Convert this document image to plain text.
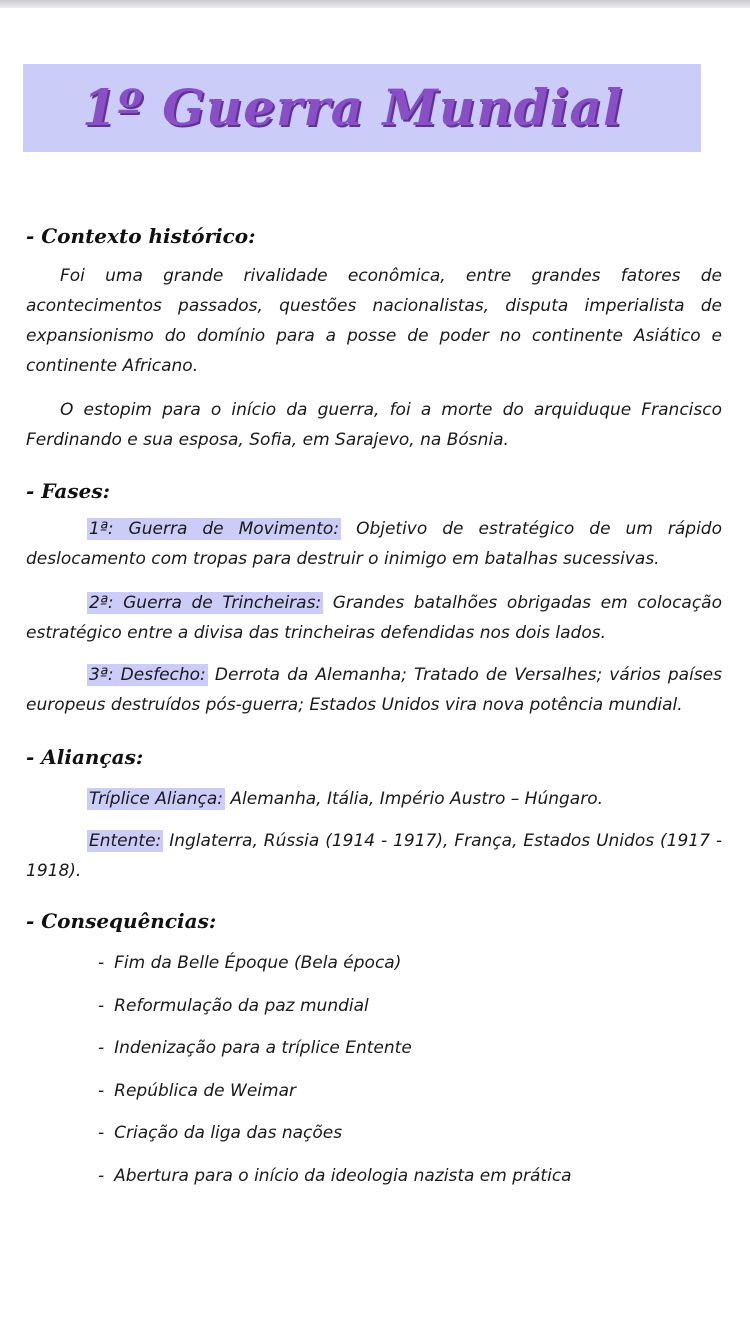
1º Guerra Mundial
- Contexto histórico:

Foi uma grande rivalidade econômica, entre grandes fatores de acontecimentos passados, questões nacionalistas, disputa imperialista de expansionismo do domínio para a posse de poder no continente Asiático e continente Africano.

O estopim para o início da guerra, foi a morte do arquiduque Francisco Ferdinando e sua esposa, Sofia, em Sarajevo, na Bósnia.

- Fases:

1ª: Guerra de Movimento: Objetivo de estratégico de um rápido deslocamento com tropas para destruir o inimigo em batalhas sucessivas.

2ª: Guerra de Trincheiras: Grandes batalhões obrigadas em colocação estratégico entre a divisa das trincheiras defendidas nos dois lados.

3ª: Desfecho: Derrota da Alemanha; Tratado de Versalhes; vários países europeus destruídos pós-guerra; Estados Unidos vira nova potência mundial.

- Alianças:

Tríplice Aliança: Alemanha, Itália, Império Austro – Húngaro.

Entente: Inglaterra, Rússia (1914 - 1917), França, Estados Unidos (1917 - 1918).

- Consequências:
- Fim da Belle Époque (Bela época)
- Reformulação da paz mundial
- Indenização para a tríplice Entente
- República de Weimar
- Criação da liga das nações
- Abertura para o início da ideologia nazista em prática
